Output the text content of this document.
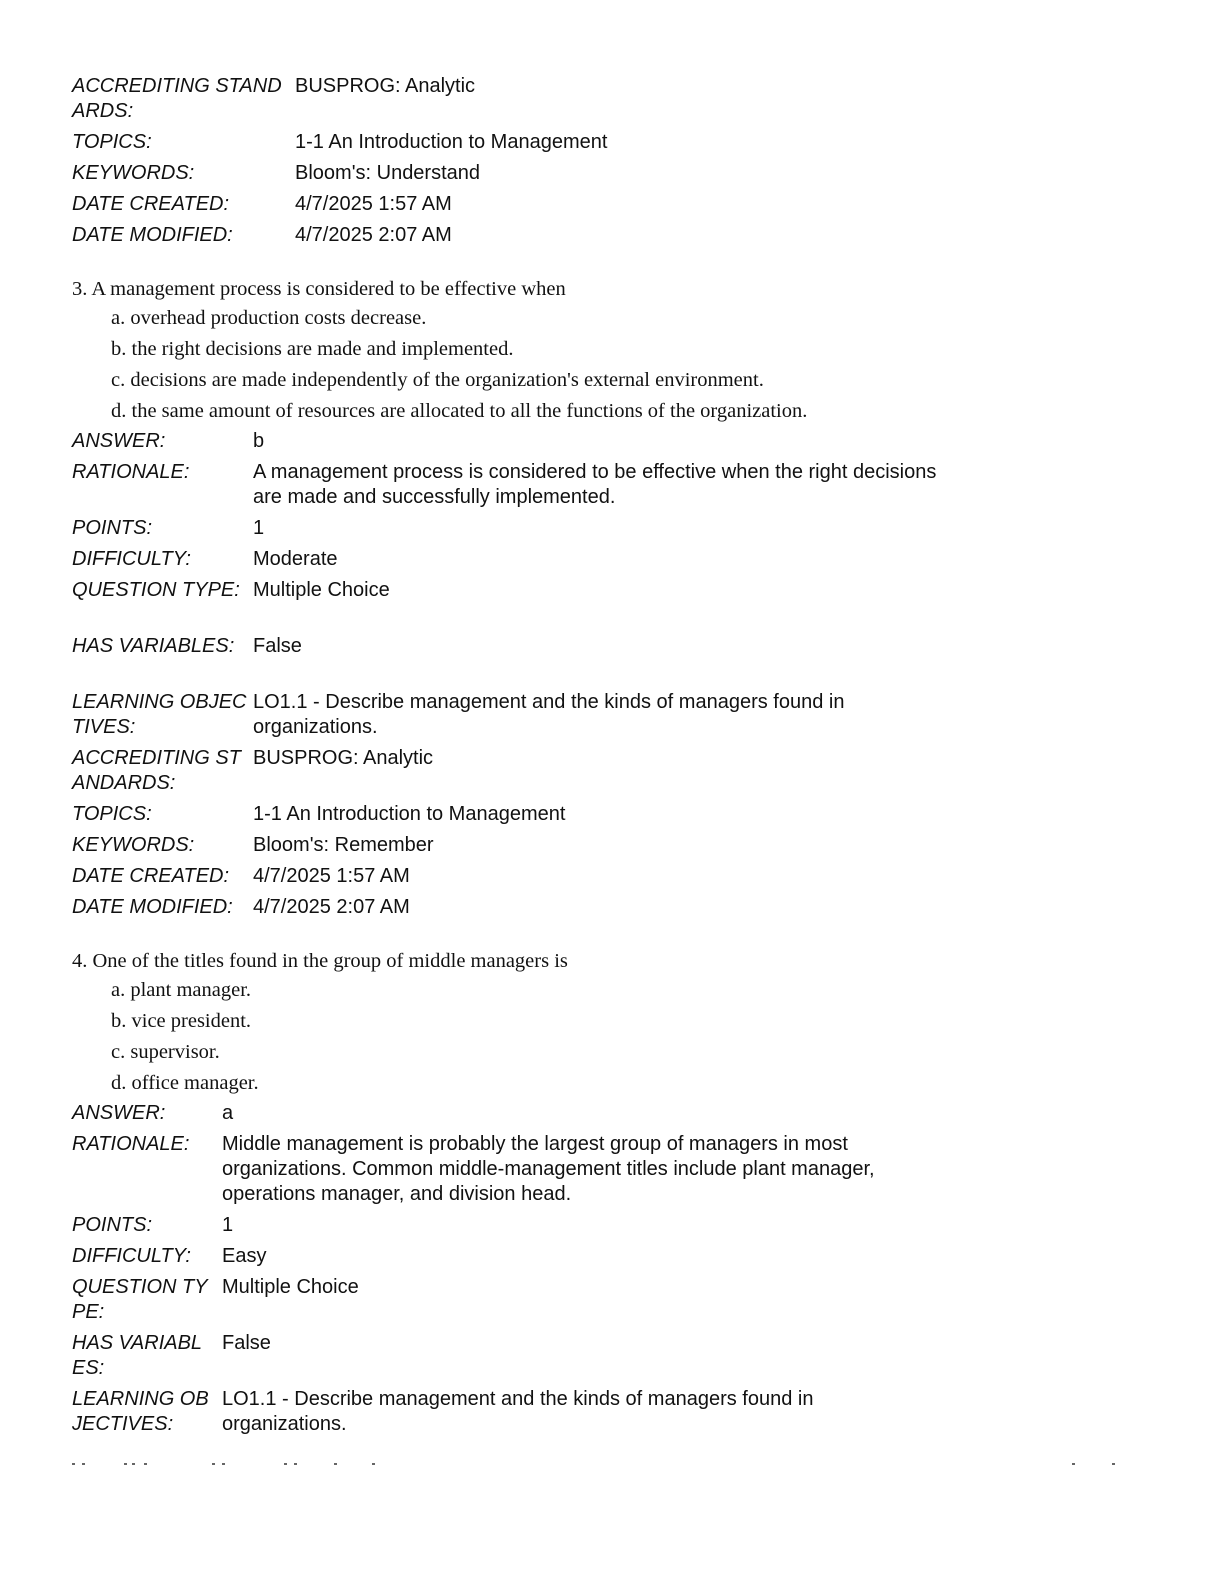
ACCREDITING STANDARDS:
BUSPROG: Analytic
TOPICS:	1-1 An Introduction to Management
KEYWORDS:	Bloom's: Understand
DATE CREATED:	4/7/2025 1:57 AM
DATE MODIFIED:	4/7/2025 2:07 AM
3. A management process is considered to be effective when
a. overhead production costs decrease.
b. the right decisions are made and implemented.
c. decisions are made independently of the organization's external environment.
d. the same amount of resources are allocated to all the functions of the organization.
ANSWER:	b
RATIONALE:	A management process is considered to be effective when the right decisions are made and successfully implemented.
POINTS:	1
DIFFICULTY:	Moderate
QUESTION TYPE: Multiple Choice
HAS VARIABLES: False
LEARNING OBJECTIVES:
LO1.1 - Describe management and the kinds of managers found in organizations.
ACCREDITING STANDARDS:
BUSPROG: Analytic
TOPICS:	1-1 An Introduction to Management
KEYWORDS:	Bloom's: Remember
DATE CREATED:	4/7/2025 1:57 AM
DATE MODIFIED:	4/7/2025 2:07 AM
4. One of the titles found in the group of middle managers is
a. plant manager.
b. vice president.
c. supervisor.
d. office manager.
ANSWER:	a
RATIONALE:	Middle management is probably the largest group of managers in most organizations. Common middle-management titles include plant manager, operations manager, and division head.
POINTS:	1
DIFFICULTY:	Easy
QUESTION TYPE:
Multiple Choice
HAS VARIABLES:
False
LEARNING OBJECTIVES:
LO1.1 - Describe management and the kinds of managers found in organizations.
